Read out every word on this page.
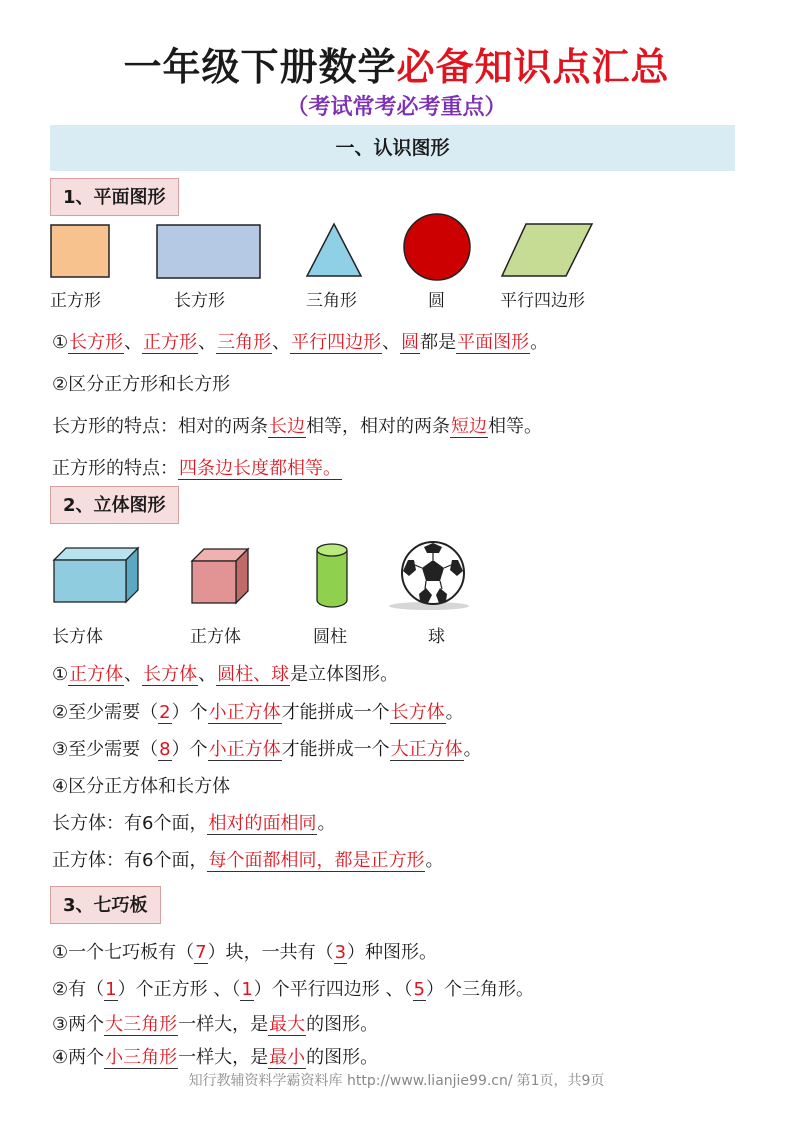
一年级下册数学必备知识点汇总
（考试常考必考重点）
一、认识图形
1、平面图形
正方形	长方形	三角形	圆	平行四边形
①长方形、正方形、三角形、平行四边形、圆都是平面图形。
②区分正方形和长方形
长方形的特点：相对的两条长边相等，相对的两条短边相等。
正方形的特点：四条边长度都相等。
2、立体图形
长方体	正方体	圆柱	球
①正方体、长方体、圆柱、球是立体图形。
②至少需要（2）个小正方体才能拼成一个长方体。
③至少需要（8）个小正方体才能拼成一个大正方体。
④区分正方体和长方体
长方体：有6个面，相对的面相同。
正方体：有6个面，每个面都相同，都是正方形。
3、七巧板
①一个七巧板有（7）块，一共有（3）种图形。
②有（1）个正方形 、（1）个平行四边形 、（5）个三角形。
③两个大三角形一样大，是最大的图形。
④两个小三角形一样大，是最小的图形。
知行教辅资料学霸资料库 http://www.lianjie99.cn/ 第1页，共9页
